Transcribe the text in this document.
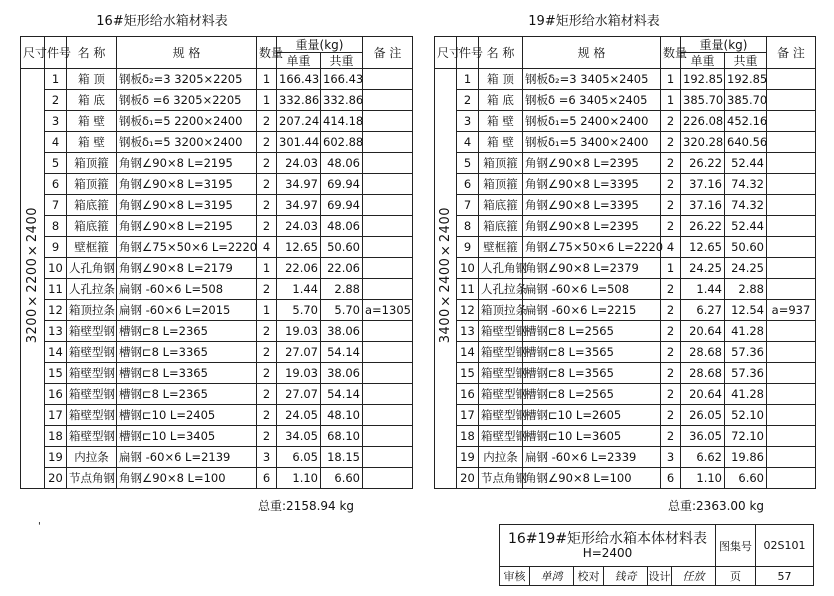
16#矩形给水箱材料表
尺寸	件号	名 称	规 格	数量	重量(kg)		备 注
					单重	共重	
3200×2200×2400	1	箱 顶	钢板δ₂=3 3205×2205	1	166.43	166.43	
	2	箱 底	钢板δ =6 3205×2205	1	332.86	332.86	
	3	箱 壁	钢板δ₁=5 2200×2400	2	207.24	414.18	
	4	箱 壁	钢板δ₁=5 3200×2400	2	301.44	602.88	
	5	箱顶箍	角钢∠90×8 L=2195	2	24.03	48.06	
	6	箱顶箍	角钢∠90×8 L=3195	2	34.97	69.94	
	7	箱底箍	角钢∠90×8 L=3195	2	34.97	69.94	
	8	箱底箍	角钢∠90×8 L=2195	2	24.03	48.06	
	9	壁框箍	角钢∠75×50×6 L=2220	4	12.65	50.60	
	10	人孔角钢	角钢∠90×8 L=2179	1	22.06	22.06	
	11	人孔拉条	扁钢 -60×6 L=508	2	1.44	2.88	
	12	箱顶拉条	扁钢 -60×6 L=2015	1	5.70	5.70	a=1305
	13	箱壁型钢	槽钢⊏8 L=2365	2	19.03	38.06	
	14	箱壁型钢	槽钢⊏8 L=3365	2	27.07	54.14	
	15	箱壁型钢	槽钢⊏8 L=3365	2	19.03	38.06	
	16	箱壁型钢	槽钢⊏8 L=2365	2	27.07	54.14	
	17	箱壁型钢	槽钢⊏10 L=2405	2	24.05	48.10	
	18	箱壁型钢	槽钢⊏10 L=3405	2	34.05	68.10	
	19	内拉条	扁钢 -60×6 L=2139	3	6.05	18.15	
	20	节点角钢	角钢∠90×8 L=100	6	1.10	6.60	
总重:2158.94 kg
19#矩形给水箱材料表
尺寸	件号	名 称	规 格	数量	重量(kg)		备 注
					单重	共重	
3400×2400×2400	1	箱 顶	钢板δ₂=3 3405×2405	1	192.85	192.85	
	2	箱 底	钢板δ =6 3405×2405	1	385.70	385.70	
	3	箱 壁	钢板δ₁=5 2400×2400	2	226.08	452.16	
	4	箱 壁	钢板δ₁=5 3400×2400	2	320.28	640.56	
	5	箱顶箍	角钢∠90×8 L=2395	2	26.22	52.44	
	6	箱顶箍	角钢∠90×8 L=3395	2	37.16	74.32	
	7	箱底箍	角钢∠90×8 L=3395	2	37.16	74.32	
	8	箱底箍	角钢∠90×8 L=2395	2	26.22	52.44	
	9	壁框箍	角钢∠75×50×6 L=2220	4	12.65	50.60	
	10	人孔角钢	角钢∠90×8 L=2379	1	24.25	24.25	
	11	人孔拉条	扁钢 -60×6 L=508	2	1.44	2.88	
	12	箱顶拉条	扁钢 -60×6 L=2215	2	6.27	12.54	a=937
	13	箱壁型钢	槽钢⊏8 L=2565	2	20.64	41.28	
	14	箱壁型钢	槽钢⊏8 L=3565	2	28.68	57.36	
	15	箱壁型钢	槽钢⊏8 L=3565	2	28.68	57.36	
	16	箱壁型钢	槽钢⊏8 L=2565	2	20.64	41.28	
	17	箱壁型钢	槽钢⊏10 L=2605	2	26.05	52.10	
	18	箱壁型钢	槽钢⊏10 L=3605	2	36.05	72.10	
	19	内拉条	扁钢 -60×6 L=2339	3	6.62	19.86	
	20	节点角钢	角钢∠90×8 L=100	6	1.10	6.60	
总重:2363.00 kg
'
16#19#矩形给水箱本体材料表
H=2400						图集号	02S101
审核	单鸿	校对	钱奇	设计	任放	页	57
